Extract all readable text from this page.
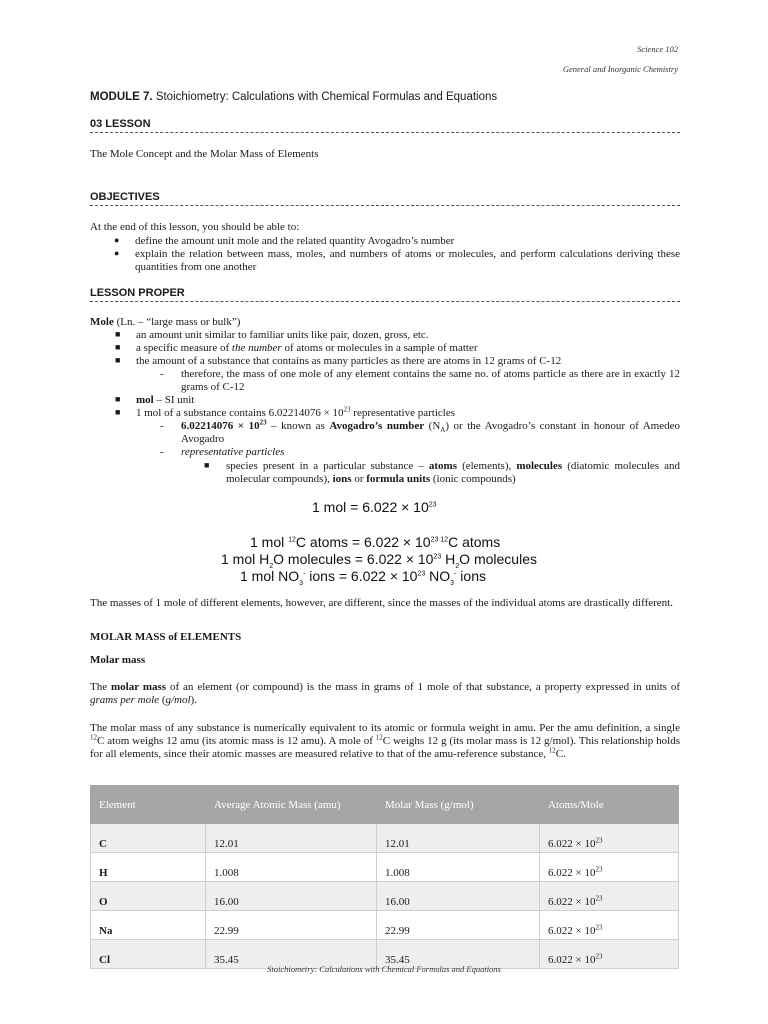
Science 102
General and Inorganic Chemistry
MODULE 7. Stoichiometry: Calculations with Chemical Formulas and Equations
03 LESSON
The Mole Concept and the Molar Mass of Elements
OBJECTIVES
At the end of this lesson, you should be able to:
● define the amount unit mole and the related quantity Avogadro’s number
● explain the relation between mass, moles, and numbers of atoms or molecules, and perform calculations deriving these quantities from one another
LESSON PROPER
Mole (Ln. – “large mass or bulk”)
■ an amount unit similar to familiar units like pair, dozen, gross, etc.
■ a specific measure of the number of atoms or molecules in a sample of matter
■ the amount of a substance that contains as many particles as there are atoms in 12 grams of C-12
- therefore, the mass of one mole of any element contains the same no. of atoms particle as there are in exactly 12 grams of C-12
■ mol – SI unit
■ 1 mol of a substance contains $6.02214076 \times 10^{23}$ representative particles
- $6.02214076 \times 10^{23}$ – known as Avogadro’s number $(N_A)$ or the Avogadro’s constant in honour of Amedeo Avogadro
- representative particles
■ species present in a particular substance – atoms (elements), molecules (diatomic molecules and molecular compounds), ions or formula units (ionic compounds)
1 mol = $6.022 \times 10^{23}$
1 mol $^{12}$C atoms = $6.022 \times 10^{23}$ $^{12}$C atoms
1 mol $H_2O$ molecules = $6.022 \times 10^{23}$ $H_2O$ molecules
1 mol $NO_3^-$ ions = $6.022 \times 10^{23}$ $NO_3^-$ ions
The masses of 1 mole of different elements, however, are different, since the masses of the individual atoms are drastically different.
MOLAR MASS of ELEMENTS
Molar mass
The molar mass of an element (or compound) is the mass in grams of 1 mole of that substance, a property expressed in units of grams per mole (g/mol).
The molar mass of any substance is numerically equivalent to its atomic or formula weight in amu. Per the amu definition, a single $^{12}$C atom weighs 12 amu (its atomic mass is 12 amu). A mole of $^{12}$C weighs 12 g (its molar mass is 12 g/mol). This relationship holds for all elements, since their atomic masses are measured relative to that of the amu-reference substance, $^{12}$C.
Element	Average Atomic Mass (amu)	Molar Mass (g/mol)	Atoms/Mole
C	12.01	12.01	$6.022 \times 10^{23}$
H	1.008	1.008	$6.022 \times 10^{23}$
O	16.00	16.00	$6.022 \times 10^{23}$
Na	22.99	22.99	$6.022 \times 10^{23}$
Cl	35.45	35.45	$6.022 \times 10^{23}$
Stoichiometry: Calculations with Chemical Formulas and Equations
